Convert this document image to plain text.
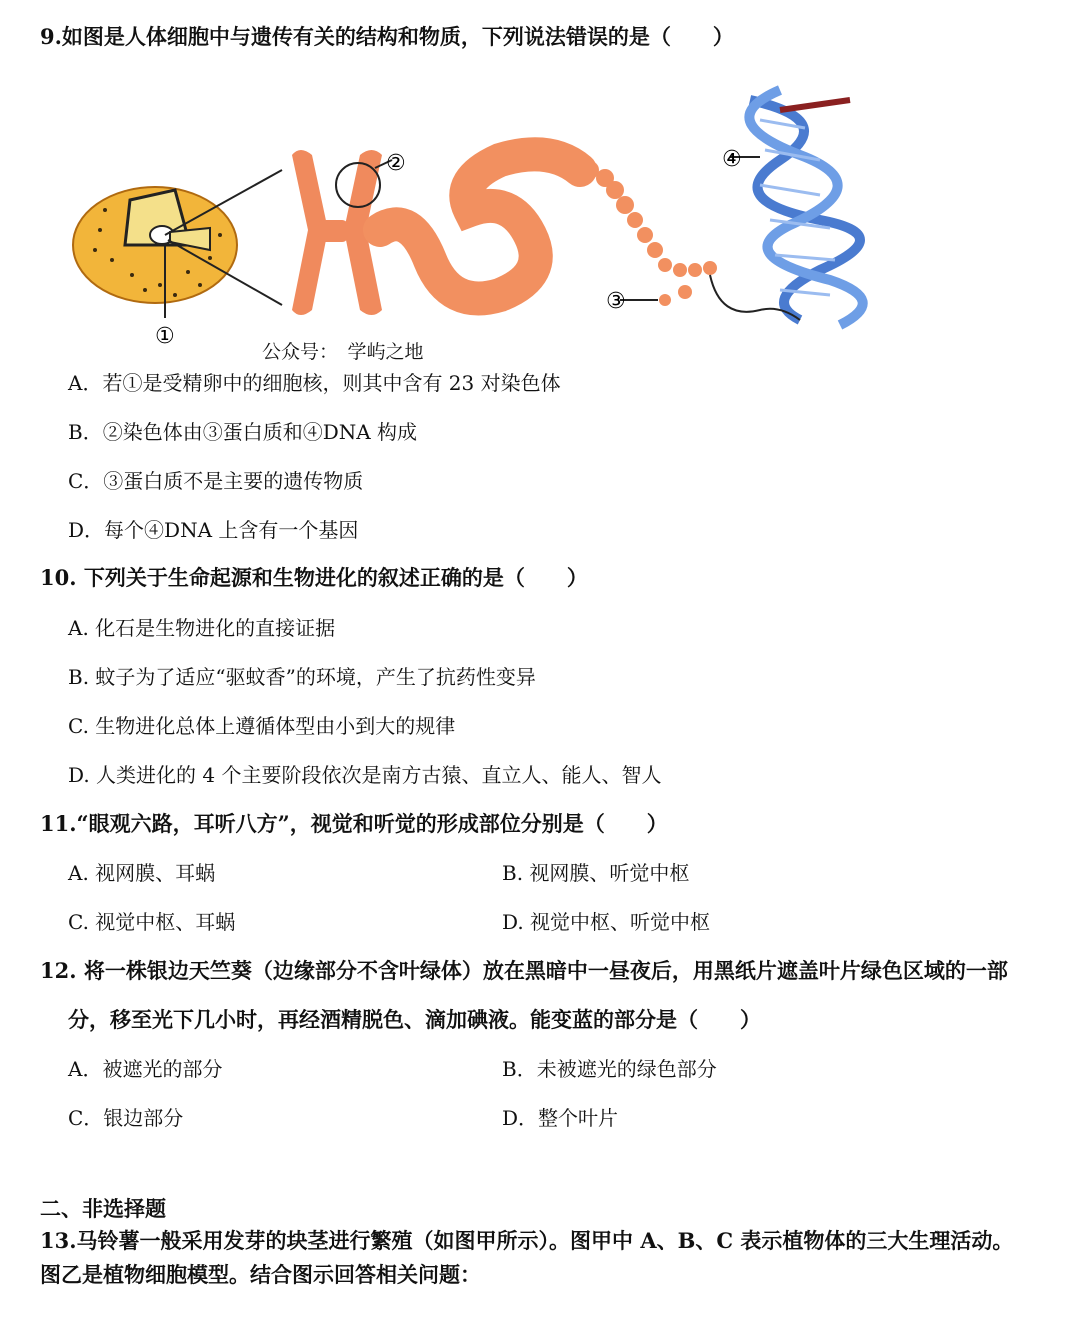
9.如图是人体细胞中与遗传有关的结构和物质，下列说法错误的是（　　）
①
②
③
④
公众号：　学屿之地
A．若①是受精卵中的细胞核，则其中含有 23 对染色体
B．②染色体由③蛋白质和④DNA 构成
C．③蛋白质不是主要的遗传物质
D．每个④DNA 上含有一个基因
10. 下列关于生命起源和生物进化的叙述正确的是（　　）
A. 化石是生物进化的直接证据
B. 蚊子为了适应“驱蚊香”的环境，产生了抗药性变异
C. 生物进化总体上遵循体型由小到大的规律
D. 人类进化的 4 个主要阶段依次是南方古猿、直立人、能人、智人
11.“眼观六路，耳听八方”，视觉和听觉的形成部位分别是（　　）
A. 视网膜、耳蜗	B. 视网膜、听觉中枢
C. 视觉中枢、耳蜗	D. 视觉中枢、听觉中枢
12. 将一株银边天竺葵（边缘部分不含叶绿体）放在黑暗中一昼夜后，用黑纸片遮盖叶片绿色区域的一部
分，移至光下几小时，再经酒精脱色、滴加碘液。能变蓝的部分是（　　）
A．被遮光的部分	B．未被遮光的绿色部分
C．银边部分	D．整个叶片
二、非选择题
13.马铃薯一般采用发芽的块茎进行繁殖（如图甲所示）。图甲中 A、B、C 表示植物体的三大生理活动。
图乙是植物细胞模型。结合图示回答相关问题：
